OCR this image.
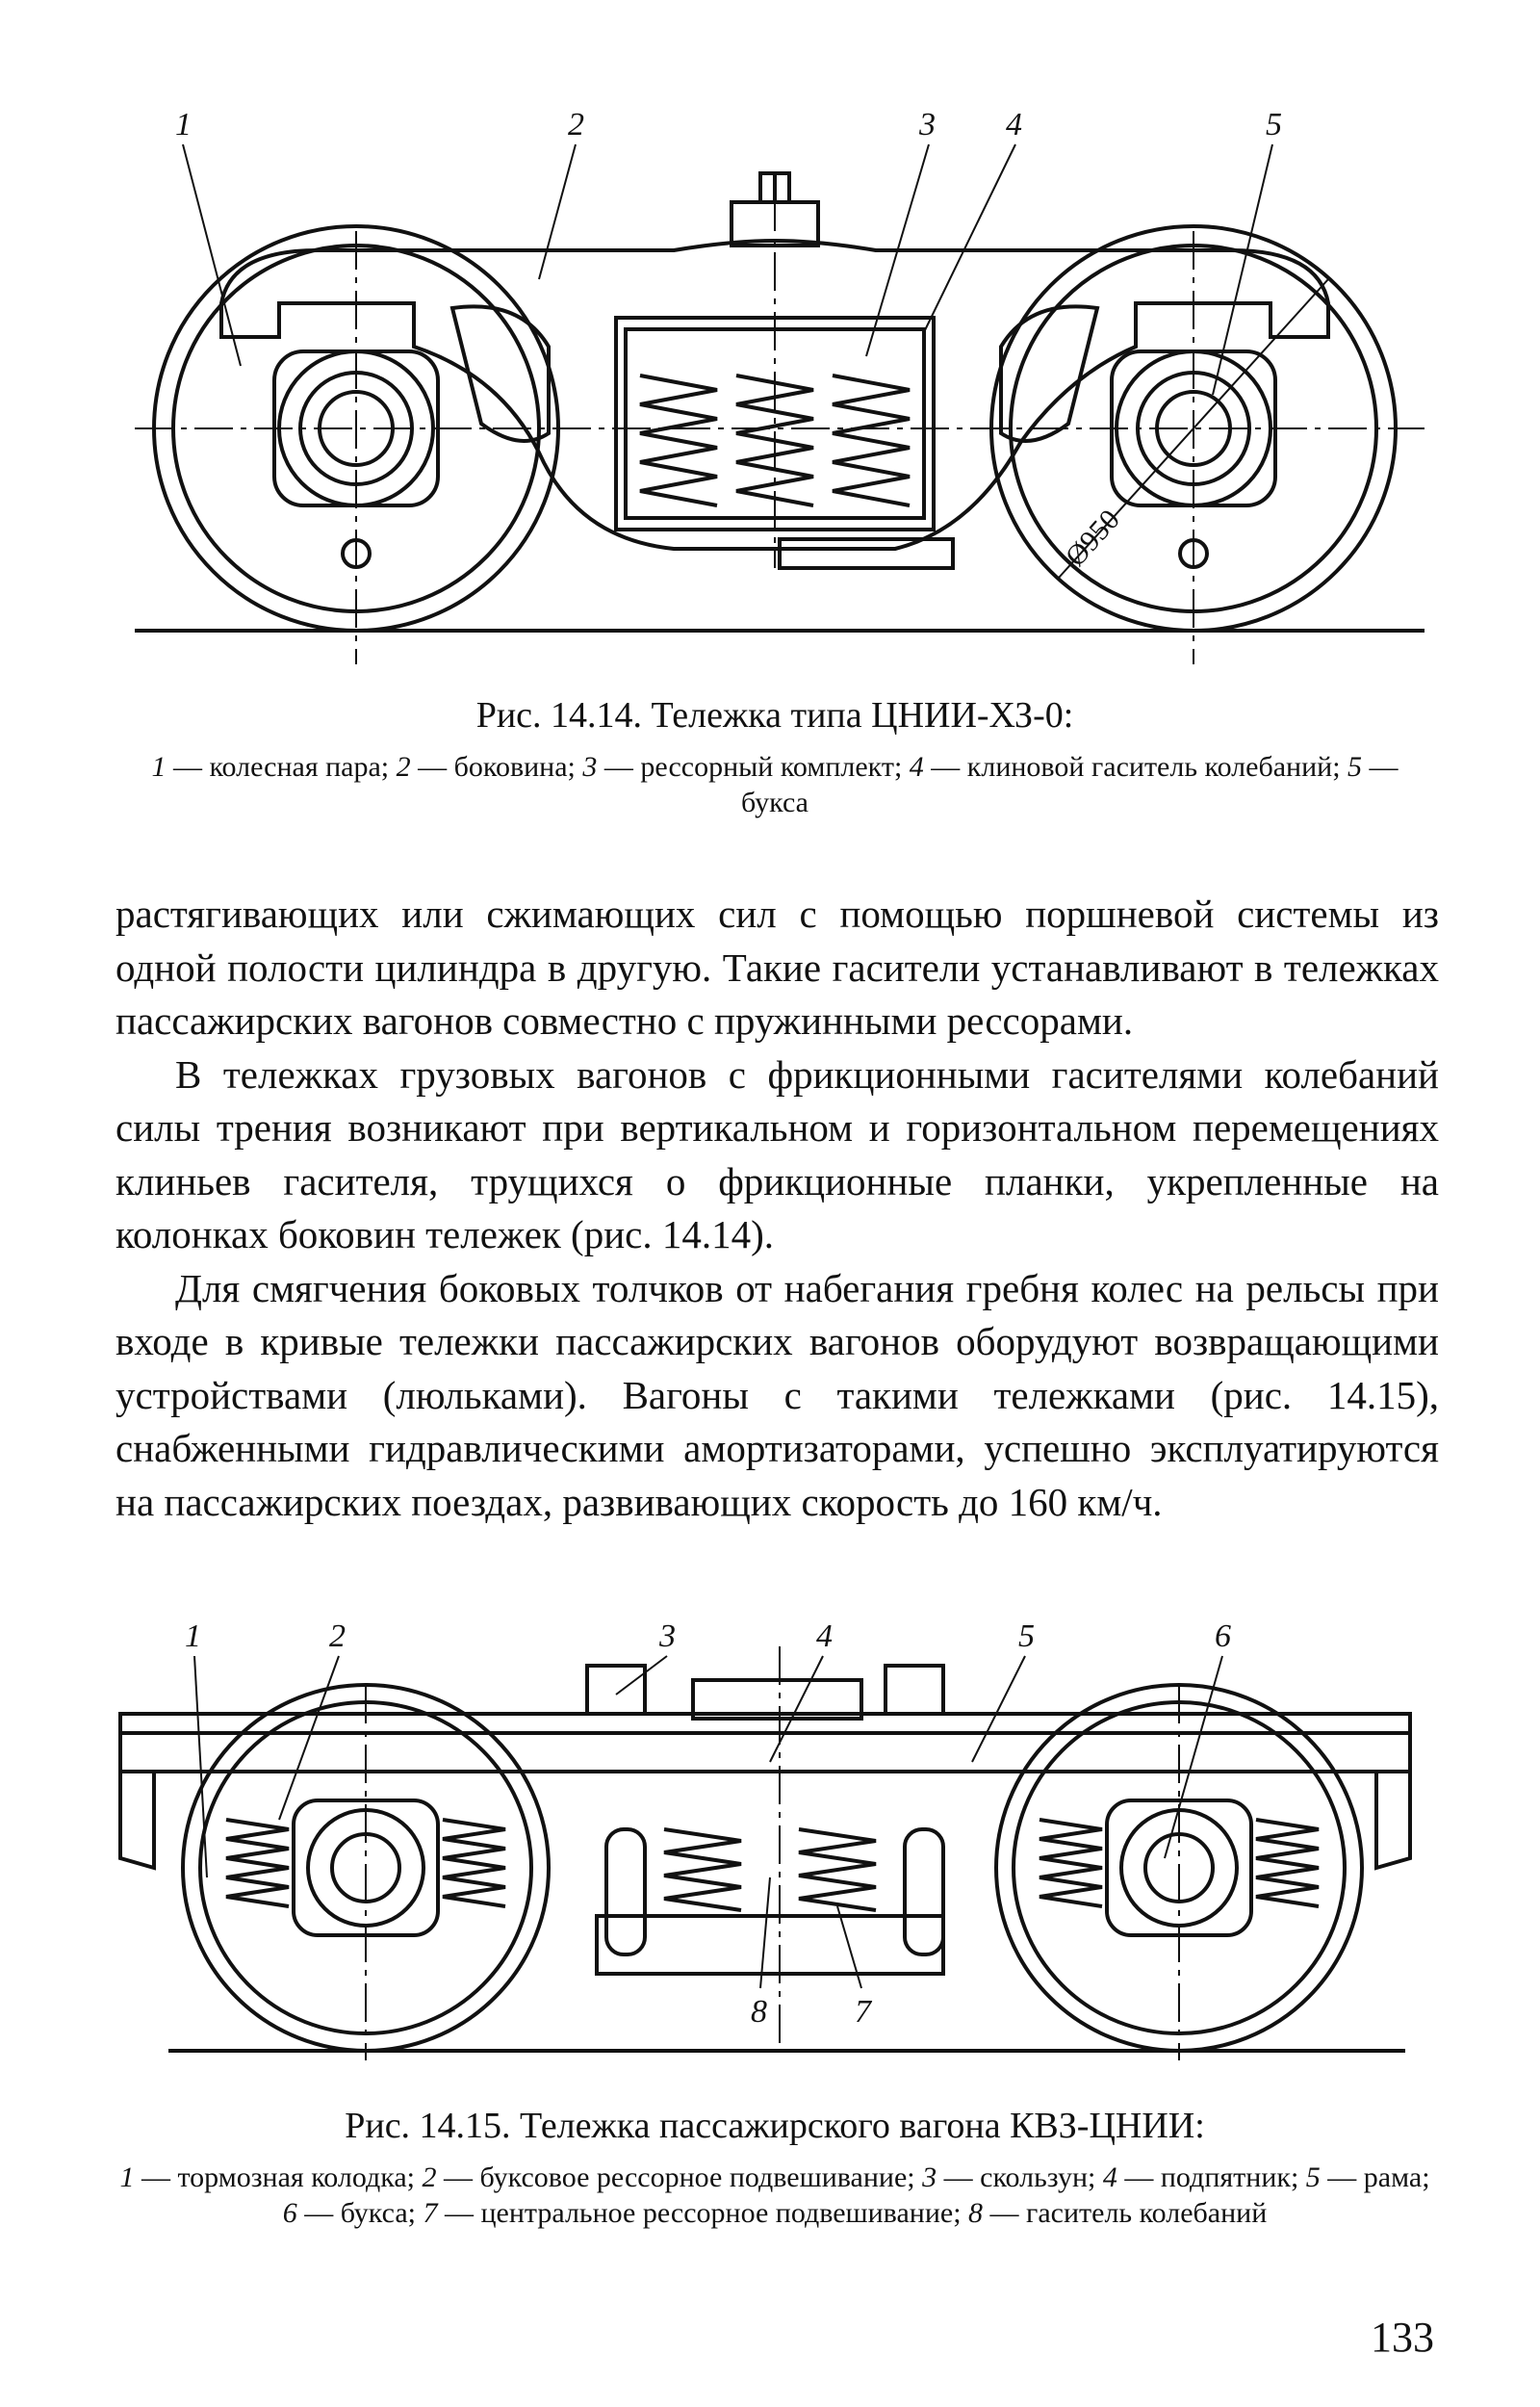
1	2	3 4	5
Ø950
Рис. 14.14. Тележка типа ЦНИИ-ХЗ-0:
1 — колесная пара; 2 — боковина; 3 — рессорный комплект; 4 — клиновой гаситель колебаний; 5 — букса

растягивающих или сжимающих сил с помощью поршневой системы из одной полости цилиндра в другую. Такие гасители устанавливают в тележках пассажирских вагонов совместно с пружинными рессорами.

В тележках грузовых вагонов с фрикционными гасителями колебаний силы трения возникают при вертикальном и горизонтальном перемещениях клиньев гасителя, трущихся о фрикционные планки, укрепленные на колонках боковин тележек (рис. 14.14).

Для смягчения боковых толчков от набегания гребня колес на рельсы при входе в кривые тележки пассажирских вагонов оборудуют возвращающими устройствами (люльками). Вагоны с такими тележками (рис. 14.15), снабженными гидравлическими амортизаторами, успешно эксплуатируются на пассажирских поездах, развивающих скорость до 160 км/ч.

1	2	3	4	5	6
7
8
Рис. 14.15. Тележка пассажирского вагона КВЗ-ЦНИИ:
1 — тормозная колодка; 2 — буксовое рессорное подвешивание; 3 — скользун; 4 — подпятник; 5 — рама; 6 — букса; 7 — центральное рессорное подвешивание; 8 — гаситель колебаний
133
